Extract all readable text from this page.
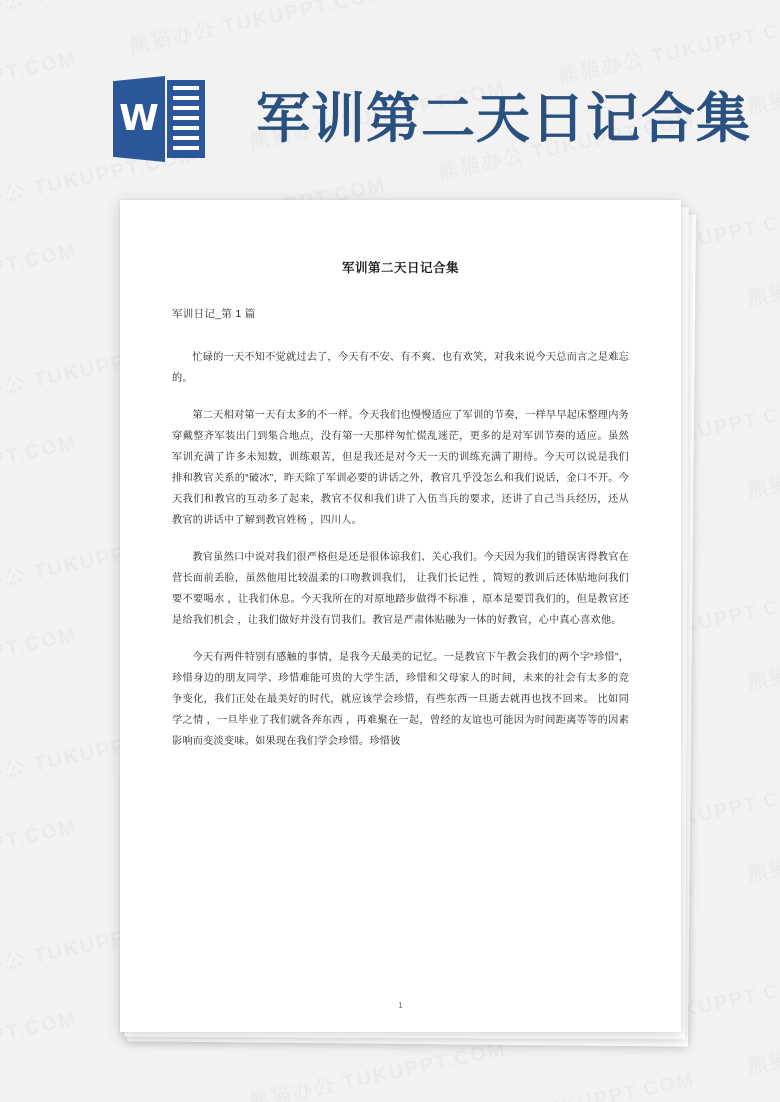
军训第二天日记合集
军训日记_第 1 篇

忙碌的一天不知不觉就过去了，今天有不安、有不爽、也有欢笑，对我来说今天总而言之是难忘的。

第二天相对第一天有太多的不一样。今天我们也慢慢适应了军训的节奏，一样早早起床整理内务穿戴整齐军装出门到集合地点，没有第一天那样匆忙慌乱迷茫，更多的是对军训节奏的适应。虽然军训充满了许多未知数，训练艰苦，但是我还是对今天一天的训练充满了期待。今天可以说是我们排和教官关系的“破冰”，昨天除了军训必要的讲话之外，教官几乎没怎么和我们说话，金口不开。今天我们和教官的互动多了起来，教官不仅和我们讲了入伍当兵的要求，还讲了自己当兵经历，还从教官的讲话中了解到教官姓杨 ，四川人。

教官虽然口中说对我们很严格但是还是很体谅我们、关心我们。今天因为我们的错误害得教官在营长面前丢脸，虽然他用比较温柔的口吻教训我们， 让我们长记性 ，简短的教训后还体贴地问我们要不要喝水 ，让我们休息。今天我所在的对原地踏步做得不标准 ，原本是要罚我们的，但是教官还是给我们机会 ，让我们做好并没有罚我们。教官是严肃体贴融为一体的好教官，心中真心喜欢他。

今天有两件特别有感触的事情，是我今天最美的记忆。一是教官下午教会我们的两个字“珍惜”，珍惜身边的朋友同学、珍惜难能可贵的大学生活，珍惜和父母家人的时间，未来的社会有太多的竞争变化，我们正处在最美好的时代，就应该学会珍惜，有些东西一旦逝去就再也找不回来。 比如同学之情 ，一旦毕业了我们就各奔东西 ，再难聚在一起，曾经的友谊也可能因为时间距离等等的因素影响而变淡变味。如果现在我们学会珍惜。珍惜彼

1
W 军训第二天日记合集
